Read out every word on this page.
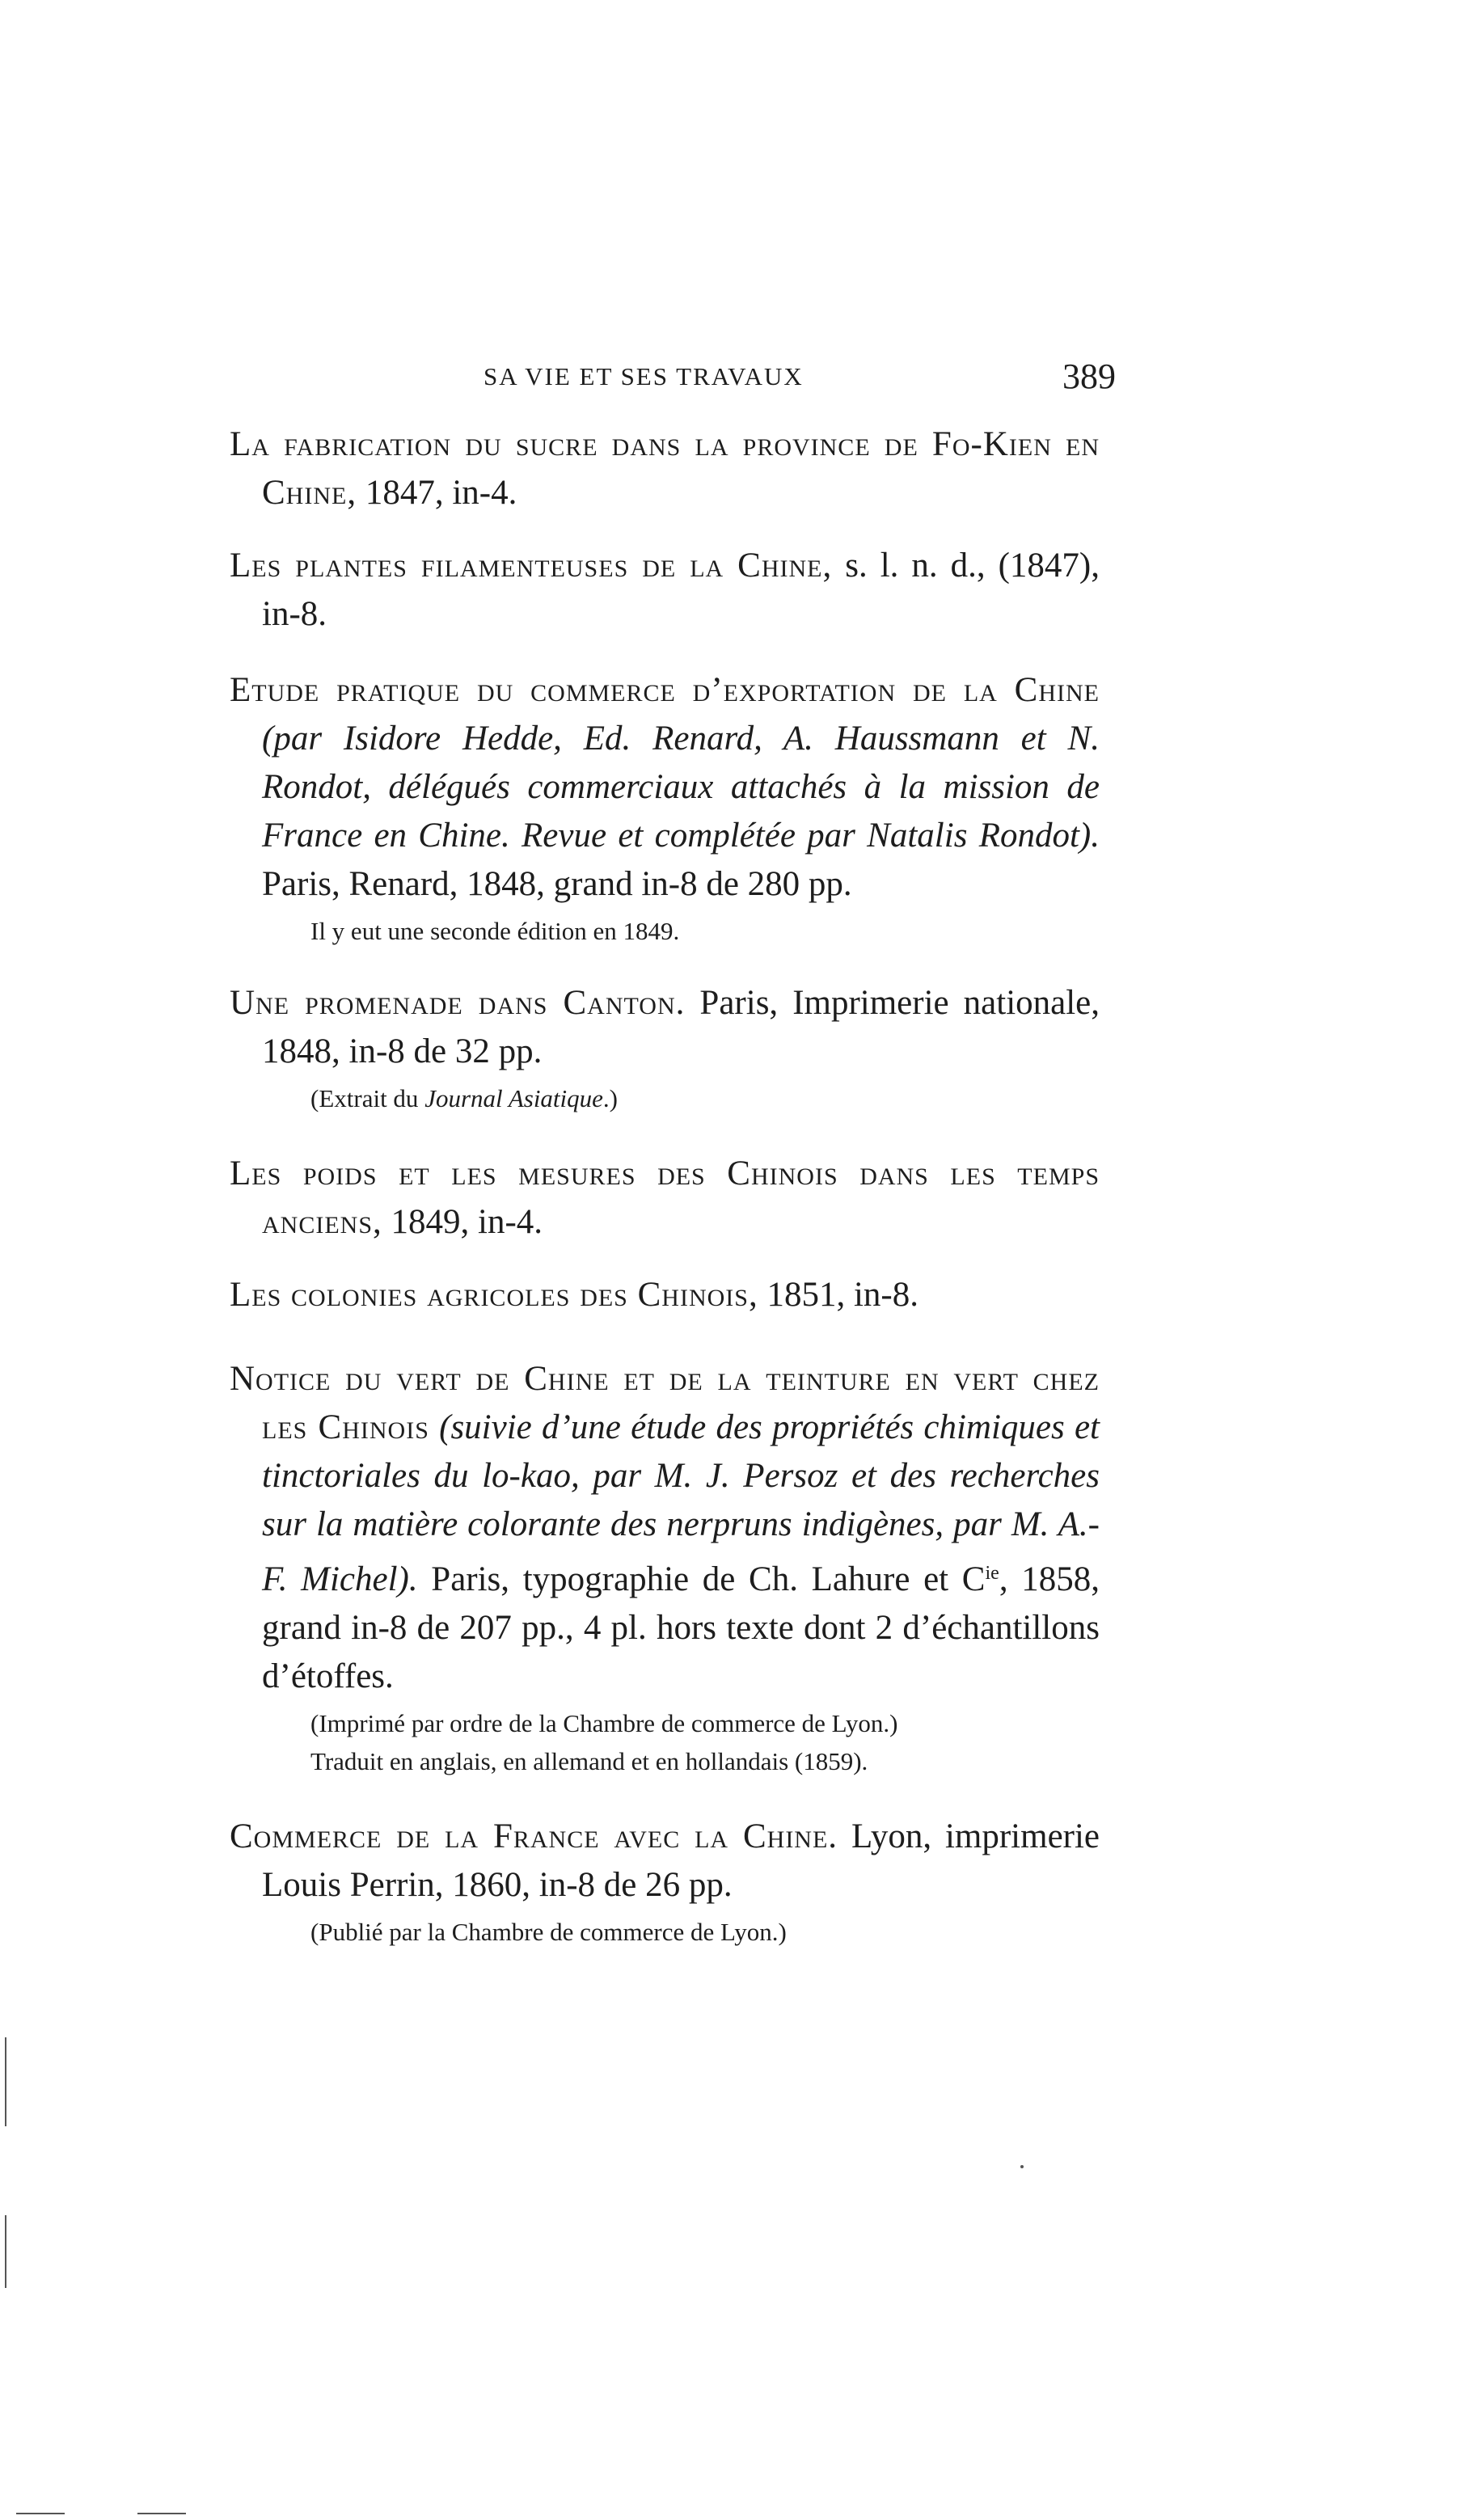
SA VIE ET SES TRAVAUX	389

La fabrication du sucre dans la province de Fo-Kien en Chine, 1847, in-4.

Les plantes filamenteuses de la Chine, s. l. n. d., (1847), in-8.

Etude pratique du commerce d’exportation de la Chine (par Isidore Hedde, Ed. Renard, A. Haussmann et N. Rondot, délégués commerciaux attachés à la mission de France en Chine. Revue et complétée par Natalis Rondot). Paris, Renard, 1848, grand in-8 de 280 pp.

Il y eut une seconde édition en 1849.

Une promenade dans Canton. Paris, Imprimerie nationale, 1848, in-8 de 32 pp.

(Extrait du Journal Asiatique.)

Les poids et les mesures des Chinois dans les temps anciens, 1849, in-4.

Les colonies agricoles des Chinois, 1851, in-8.

Notice du vert de Chine et de la teinture en vert chez les Chinois (suivie d’une étude des propriétés chimiques et tinctoriales du lo-kao, par M. J. Persoz et des recherches sur la matière colorante des nerpruns indigènes, par M. A.-F. Michel). Paris, typographie de Ch. Lahure et $C^{ie}$, 1858, grand in-8 de 207 pp., 4 pl. hors texte dont 2 d’échantillons d’étoffes.

(Imprimé par ordre de la Chambre de commerce de Lyon.)

Traduit en anglais, en allemand et en hollandais (1859).

Commerce de la France avec la Chine. Lyon, imprimerie Louis Perrin, 1860, in-8 de 26 pp.

(Publié par la Chambre de commerce de Lyon.)
